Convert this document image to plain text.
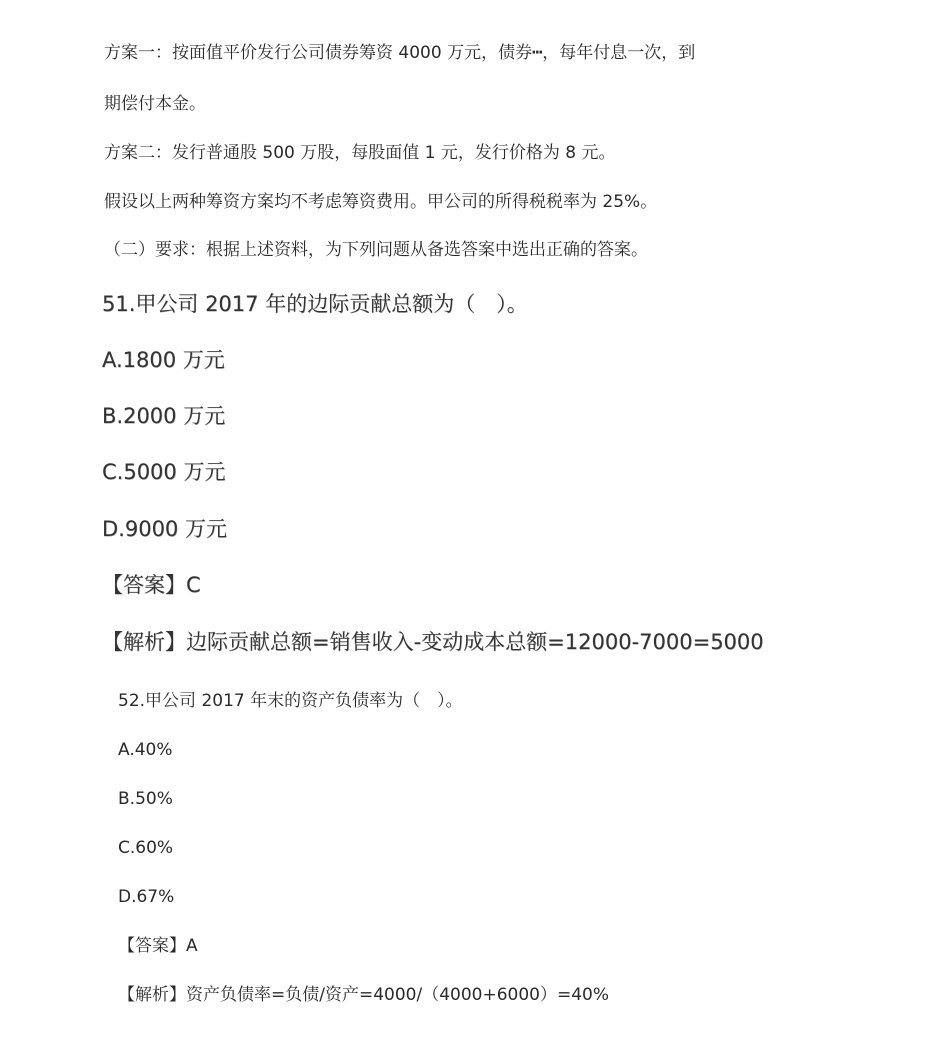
方案一：按面值平价发行公司债券筹资 4000 万元，债券┅，每年付息一次，到
期偿付本金。
方案二：发行普通股 500 万股，每股面值 1 元，发行价格为 8 元。
假设以上两种筹资方案均不考虑筹资费用。甲公司的所得税税率为 25%。
（二）要求：根据上述资料，为下列问题从备选答案中选出正确的答案。
51.甲公司 2017 年的边际贡献总额为（　）。
A.1800 万元
B.2000 万元
C.5000 万元
D.9000 万元
【答案】C
【解析】边际贡献总额=销售收入-变动成本总额=12000-7000=5000
52.甲公司 2017 年末的资产负债率为（　）。
A.40%
B.50%
C.60%
D.67%
【答案】A
【解析】资产负债率=负债/资产=4000/（4000+6000）=40%
